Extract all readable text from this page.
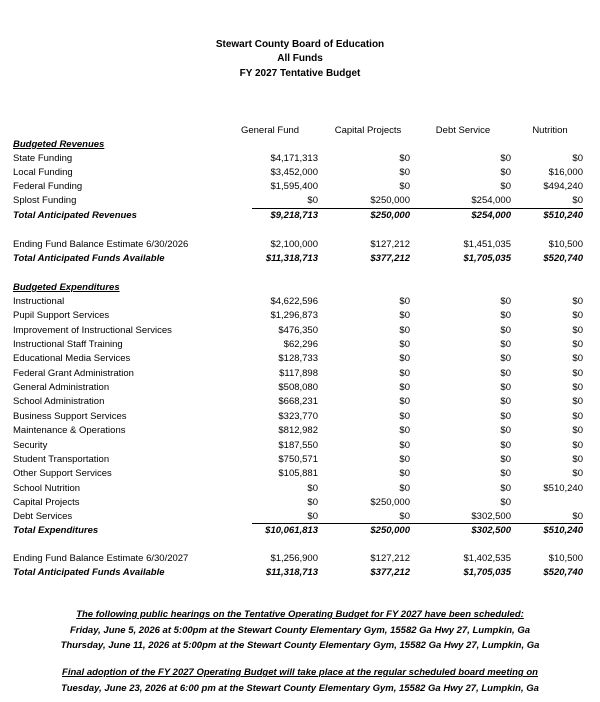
Stewart County Board of Education
All Funds
FY 2027 Tentative Budget
General Fund	Capital Projects	Debt Service	Nutrition
Budgeted Revenues
State Funding	$4,171,313	$0	$0	$0
Local Funding	$3,452,000	$0	$0	$16,000
Federal Funding	$1,595,400	$0	$0	$494,240
Splost Funding	$0	$250,000	$254,000	$0
Total Anticipated Revenues	$9,218,713	$250,000	$254,000	$510,240
Ending Fund Balance Estimate 6/30/2026	$2,100,000	$127,212	$1,451,035	$10,500
Total Anticipated Funds Available	$11,318,713	$377,212	$1,705,035	$520,740
Budgeted Expenditures
Instructional	$4,622,596	$0	$0	$0
Pupil Support Services	$1,296,873	$0	$0	$0
Improvement of Instructional Services	$476,350	$0	$0	$0
Instructional Staff Training	$62,296	$0	$0	$0
Educational Media Services	$128,733	$0	$0	$0
Federal Grant Administration	$117,898	$0	$0	$0
General Administration	$508,080	$0	$0	$0
School Administration	$668,231	$0	$0	$0
Business Support Services	$323,770	$0	$0	$0
Maintenance & Operations	$812,982	$0	$0	$0
Security	$187,550	$0	$0	$0
Student Transportation	$750,571	$0	$0	$0
Other Support Services	$105,881	$0	$0	$0
School Nutrition	$0	$0	$0	$510,240
Capital Projects	$0	$250,000	$0
Debt Services	$0	$0	$302,500	$0
Total Expenditures	$10,061,813	$250,000	$302,500	$510,240
Ending Fund Balance Estimate 6/30/2027	$1,256,900	$127,212	$1,402,535	$10,500
Total Anticipated Funds Available	$11,318,713	$377,212	$1,705,035	$520,740
The following public hearings on the Tentative Operating Budget for FY 2027 have been scheduled:
Friday, June 5, 2026 at 5:00pm at the Stewart County Elementary Gym, 15582 Ga Hwy 27, Lumpkin, Ga
Thursday, June 11, 2026 at 5:00pm at the Stewart County Elementary Gym, 15582 Ga Hwy 27, Lumpkin, Ga
Final adoption of the FY 2027 Operating Budget will take place at the regular scheduled board meeting on
Tuesday, June 23, 2026 at 6:00 pm at the Stewart County Elementary Gym, 15582 Ga Hwy 27, Lumpkin, Ga
